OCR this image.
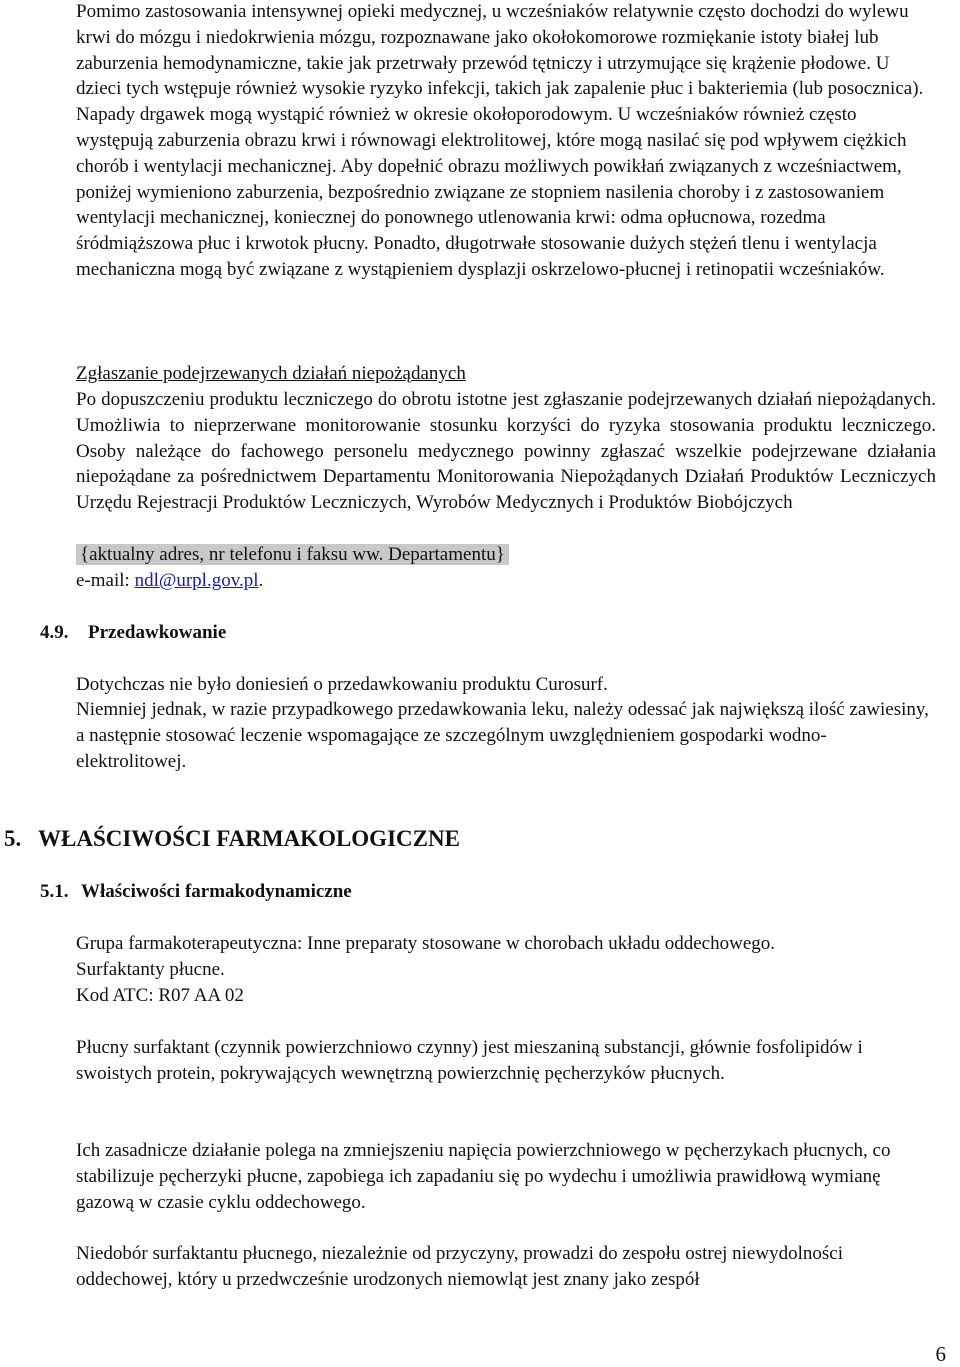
Pomimo zastosowania intensywnej opieki medycznej, u wcześniaków relatywnie często dochodzi do wylewu krwi do mózgu i niedokrwienia mózgu, rozpoznawane jako okołokomorowe rozmiękanie istoty białej lub zaburzenia hemodynamiczne, takie jak przetrwały przewód tętniczy i utrzymujące się krążenie płodowe. U dzieci tych wstępuje również wysokie ryzyko infekcji, takich jak zapalenie płuc i bakteriemia (lub posocznica). Napady drgawek mogą wystąpić również w okresie okołoporodowym. U wcześniaków również często występują zaburzenia obrazu krwi i równowagi elektrolitowej, które mogą nasilać się pod wpływem ciężkich chorób i wentylacji mechanicznej. Aby dopełnić obrazu możliwych powikłań związanych z wcześniactwem, poniżej wymieniono zaburzenia, bezpośrednio związane ze stopniem nasilenia choroby i z zastosowaniem wentylacji mechanicznej, koniecznej do ponownego utlenowania krwi: odma opłucnowa, rozedma śródmiąższowa płuc i krwotok płucny. Ponadto, długotrwałe stosowanie dużych stężeń tlenu i wentylacja mechaniczna mogą być związane z wystąpieniem dysplazji oskrzelowo-płucnej i retinopatii wcześniaków.

Zgłaszanie podejrzewanych działań niepożądanych

Po dopuszczeniu produktu leczniczego do obrotu istotne jest zgłaszanie podejrzewanych działań niepożądanych. Umożliwia to nieprzerwane monitorowanie stosunku korzyści do ryzyka stosowania produktu leczniczego. Osoby należące do fachowego personelu medycznego powinny zgłaszać wszelkie podejrzewane działania niepożądane za pośrednictwem Departamentu Monitorowania Niepożądanych Działań Produktów Leczniczych Urzędu Rejestracji Produktów Leczniczych, Wyrobów Medycznych i Produktów Biobójczych

{aktualny adres, nr telefonu i faksu ww. Departamentu}

e-mail: ndl@urpl.gov.pl.

4.9. Przedawkowanie

Dotychczas nie było doniesień o przedawkowaniu produktu Curosurf.

Niemniej jednak, w razie przypadkowego przedawkowania leku, należy odessać jak największą ilość zawiesiny, a następnie stosować leczenie wspomagające ze szczególnym uwzględnieniem gospodarki wodno-elektrolitowej.

5. WŁAŚCIWOŚCI FARMAKOLOGICZNE

5.1. Właściwości farmakodynamiczne

Grupa farmakoterapeutyczna: Inne preparaty stosowane w chorobach układu oddechowego.

Surfaktanty płucne.

Kod ATC: R07 AA 02

Płucny surfaktant (czynnik powierzchniowo czynny) jest mieszaniną substancji, głównie fosfolipidów i swoistych protein, pokrywających wewnętrzną powierzchnię pęcherzyków płucnych.

Ich zasadnicze działanie polega na zmniejszeniu napięcia powierzchniowego w pęcherzykach płucnych, co stabilizuje pęcherzyki płucne, zapobiega ich zapadaniu się po wydechu i umożliwia prawidłową wymianę gazową w czasie cyklu oddechowego.

Niedobór surfaktantu płucnego, niezależnie od przyczyny, prowadzi do zespołu ostrej niewydolności oddechowej, który u przedwcześnie urodzonych niemowląt jest znany jako zespół

6
